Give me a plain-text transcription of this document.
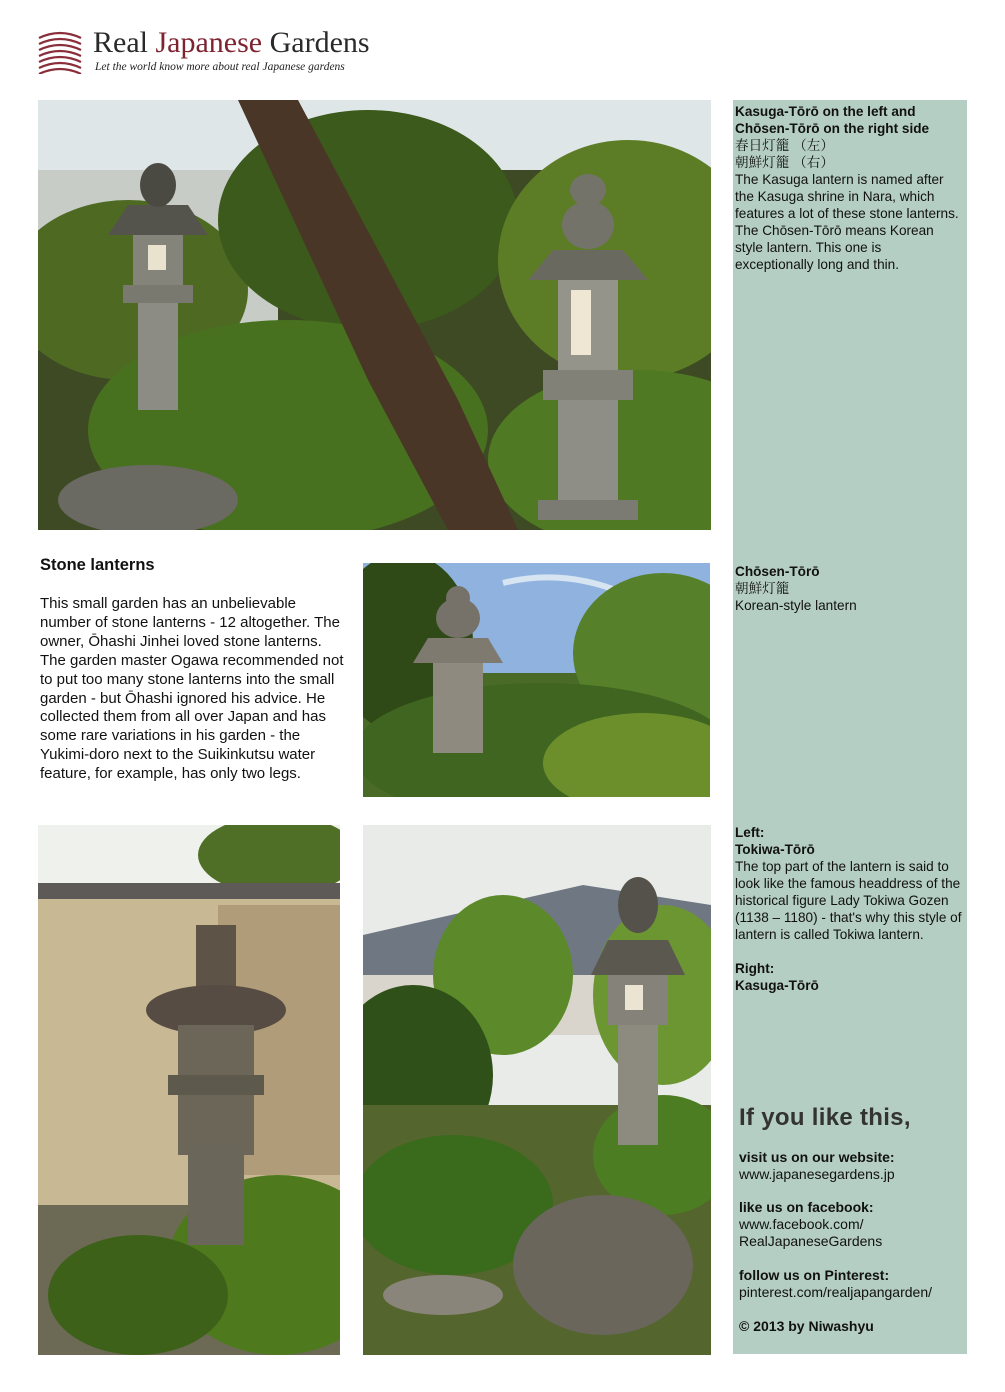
Real Japanese Gardens
Let the world know more about real Japanese gardens
Kasuga-Tōrō on the left and Chōsen-Tōrō on the right side
春日灯籠 （左）
朝鮮灯籠 （右）
The Kasuga lantern is named after the Kasuga shrine in Nara, which features a lot of these stone lanterns. The Chōsen-Tōrō means Korean style lantern. This one is exceptionally long and thin.
Stone lanterns
This small garden has an unbelievable number of stone lanterns - 12 altogether. The owner, Ōhashi Jinhei loved stone lanterns. The garden master Ogawa recommended not to put too many stone lanterns into the small garden - but Ōhashi ignored his advice. He collected them from all over Japan and has some rare variations in his garden - the Yukimi-doro next to the Suikinkutsu water feature, for example, has only two legs.
Chōsen-Tōrō
朝鮮灯籠
Korean-style lantern
Left:
Tokiwa-Tōrō
The top part of the lantern is said to look like the famous headdress of the historical figure Lady Tokiwa Gozen (1138 – 1180) - that's why this style of lantern is called Tokiwa lantern.
Right:
Kasuga-Tōrō
If you like this,
visit us on our website:
www.japanesegardens.jp
like us on facebook:
www.facebook.com/
RealJapaneseGardens
follow us on Pinterest:
pinterest.com/realjapangarden/
© 2013 by Niwashyu
